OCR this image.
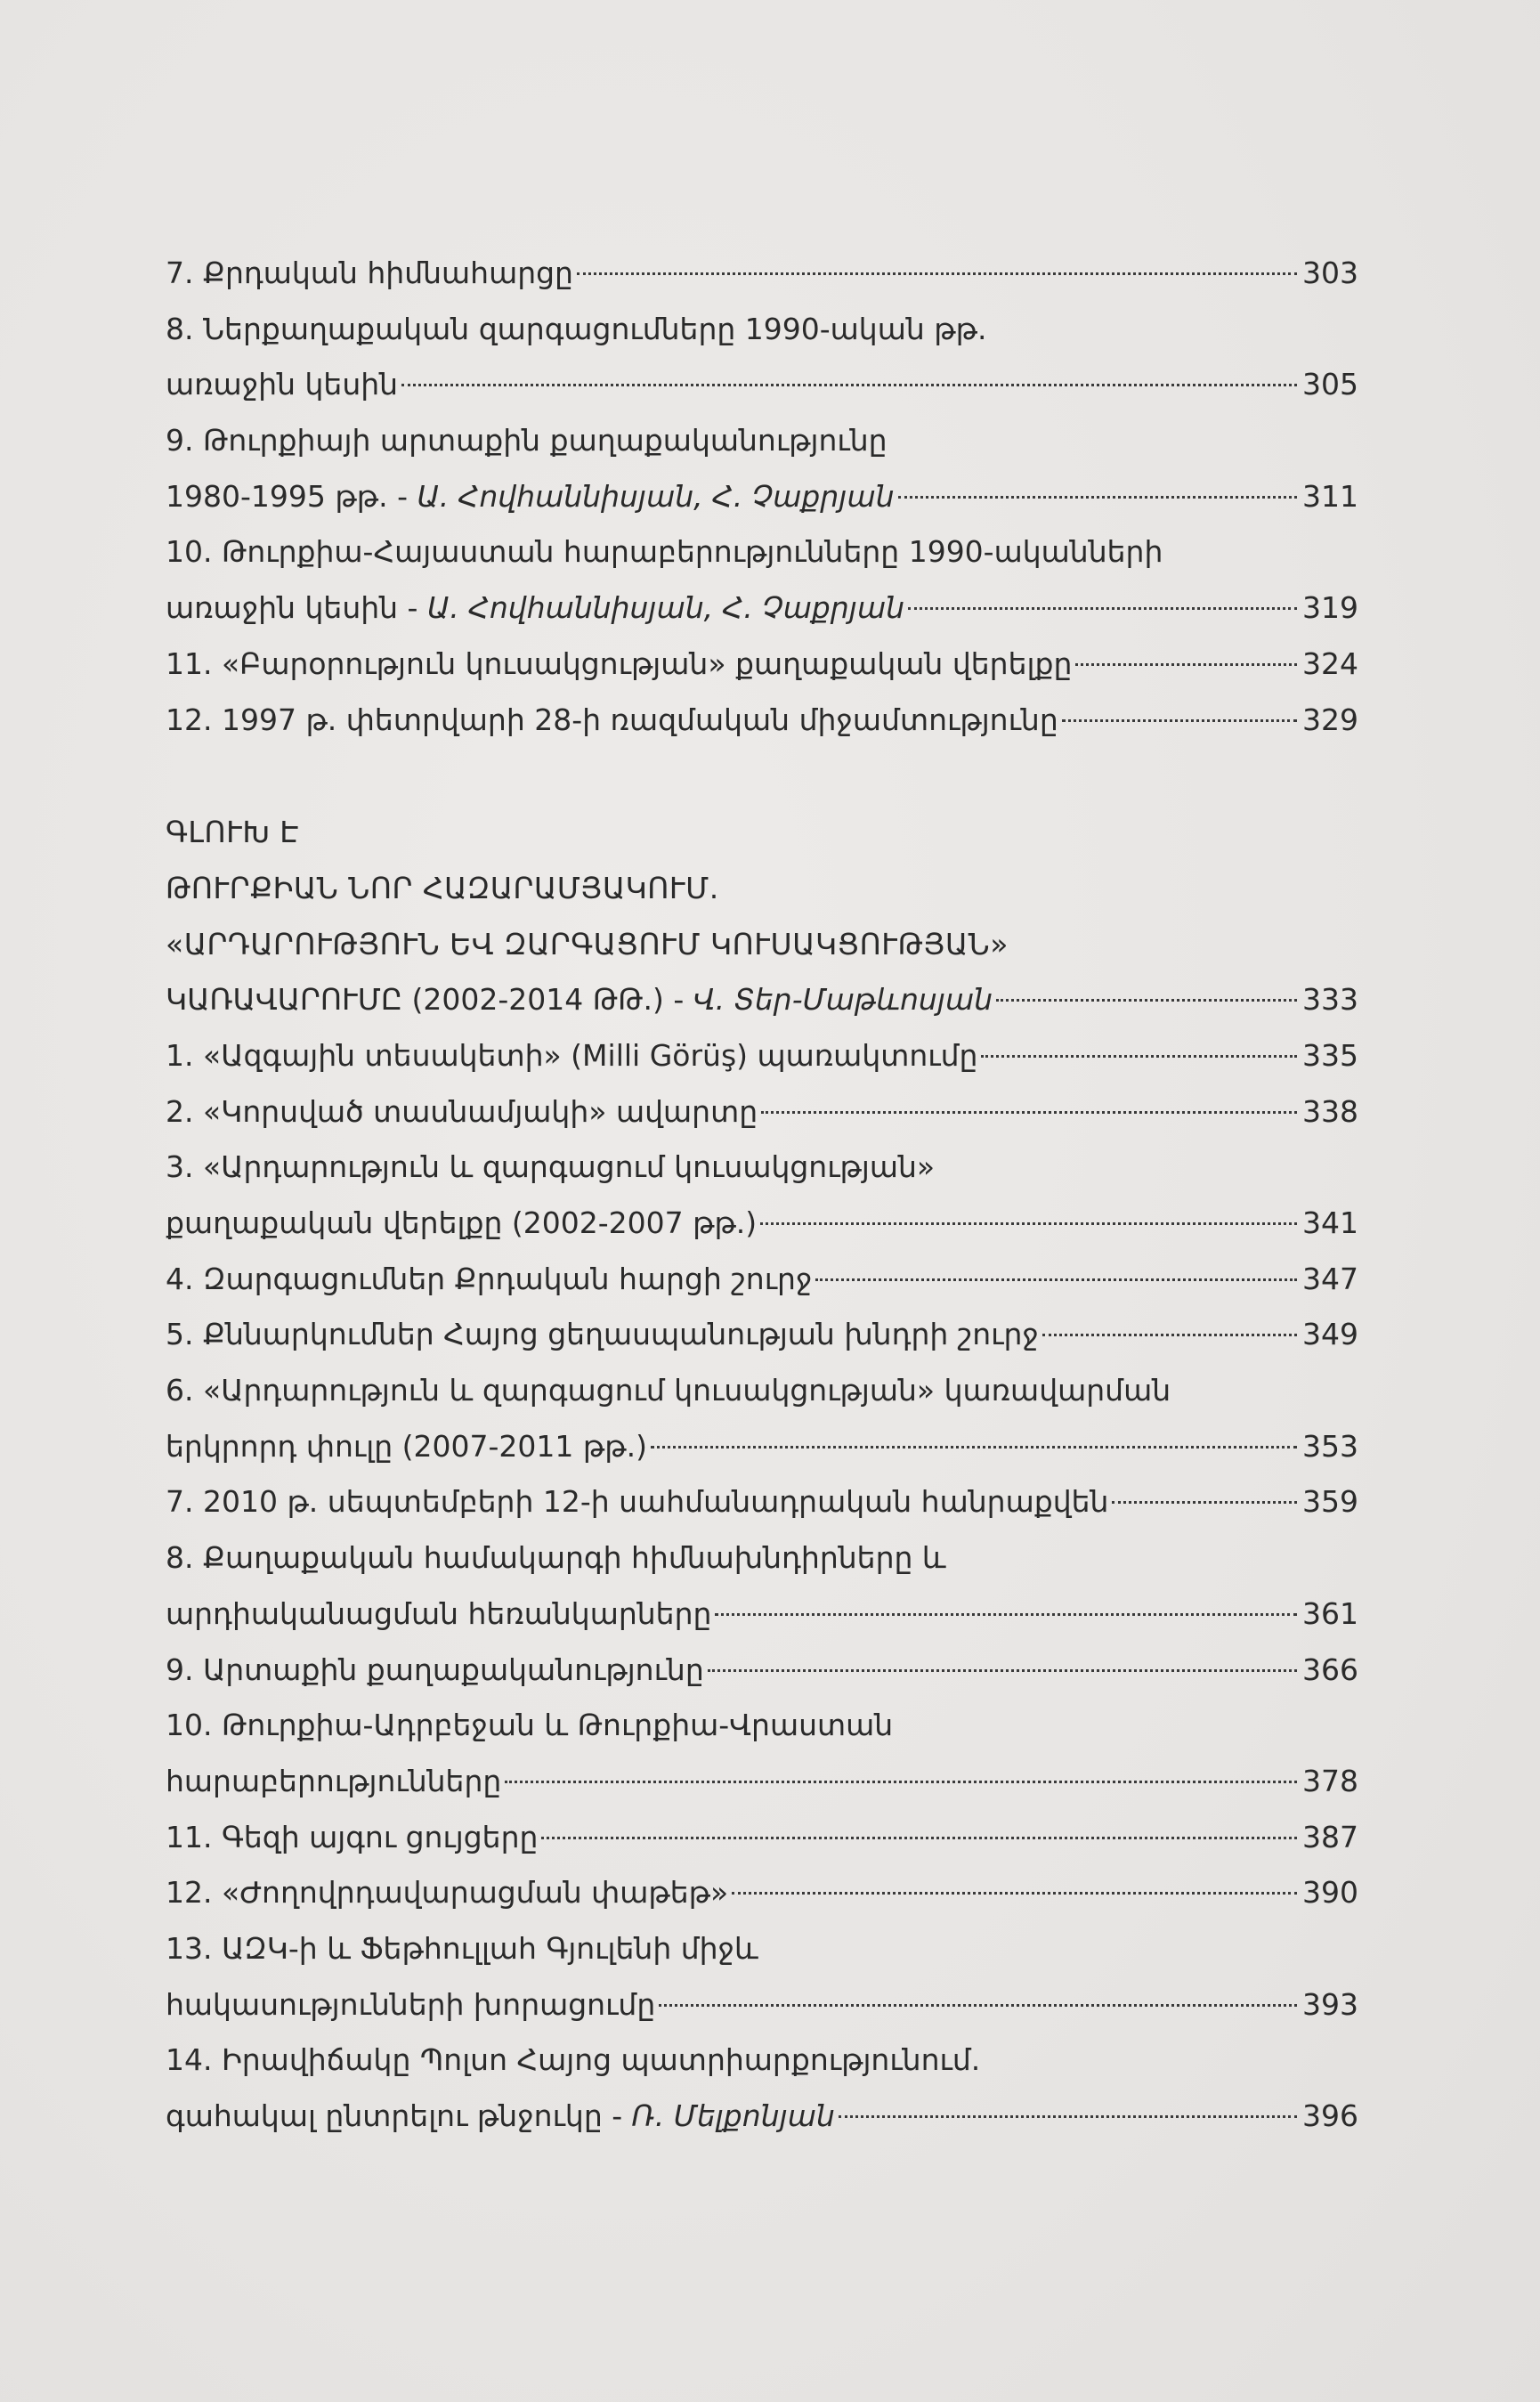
7. Քրդական հիմնահարցը	303
8. Ներքաղաքական զարգացումները 1990-ական թթ.
առաջին կեսին	305
9. Թուրքիայի արտաքին քաղաքականությունը
1980-1995 թթ. - Ա. Հովհաննիսյան, Հ. Չաքրյան	311
10. Թուրքիա-Հայաստան հարաբերությունները 1990-ականների
առաջին կեսին - Ա. Հովհաննիսյան, Հ. Չաքրյան	319
11. «Բարօրություն կուսակցության» քաղաքական վերելքը	324
12. 1997 թ. փետրվարի 28-ի ռազմական միջամտությունը	329
ԳԼՈՒԽ Է
ԹՈՒՐՔԻԱՆ ՆՈՐ ՀԱԶԱՐԱՄՅԱԿՈՒՄ.
«ԱՐԴԱՐՈՒԹՅՈՒՆ ԵՎ ԶԱՐԳԱՑՈՒՄ ԿՈՒՍԱԿՑՈՒԹՅԱՆ»
ԿԱՌԱՎԱՐՈՒՄԸ (2002-2014 ԹԹ.) - Վ. Տեր-Մաթևոսյան	333
1. «Ազգային տեսակետի» (Milli Görüş) պառակտումը	335
2. «Կորսված տասնամյակի» ավարտը	338
3. «Արդարություն և զարգացում կուսակցության»
քաղաքական վերելքը (2002-2007 թթ.)	341
4. Զարգացումներ Քրդական հարցի շուրջ	347
5. Քննարկումներ Հայոց ցեղասպանության խնդրի շուրջ	349
6. «Արդարություն և զարգացում կուսակցության» կառավարման
երկրորդ փուլը (2007-2011 թթ.)	353
7. 2010 թ. սեպտեմբերի 12-ի սահմանադրական հանրաքվեն	359
8. Քաղաքական համակարգի հիմնախնդիրները և
արդիականացման հեռանկարները	361
9. Արտաքին քաղաքականությունը	366
10. Թուրքիա-Ադրբեջան և Թուրքիա-Վրաստան
հարաբերությունները	378
11. Գեզի այգու ցույցերը	387
12. «Ժողովրդավարացման փաթեթ»	390
13. ԱԶԿ-ի և Ֆեթհուլլահ Գյուլենի միջև
հակասությունների խորացումը	393
14. Իրավիճակը Պոլսո Հայոց պատրիարքությունում.
գահակալ ընտրելու թնջուկը - Ռ. Մելքոնյան	396
